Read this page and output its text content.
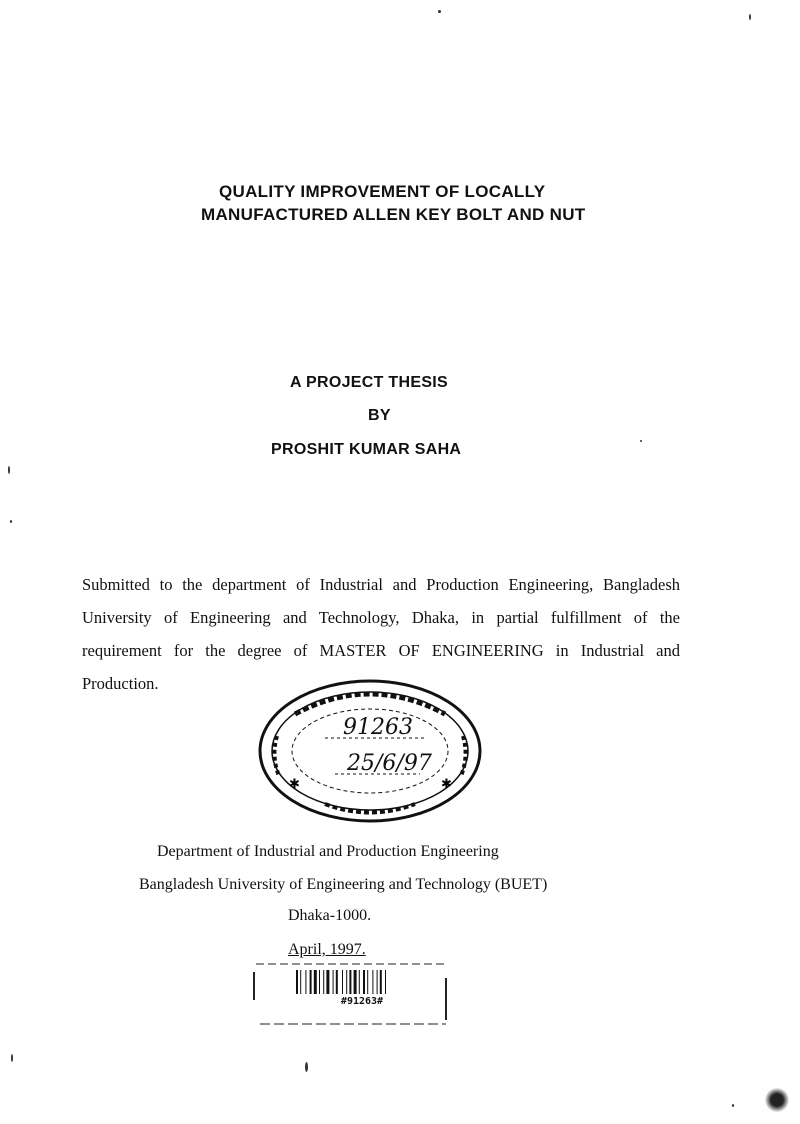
QUALITY IMPROVEMENT OF LOCALLY
MANUFACTURED ALLEN KEY BOLT AND NUT
A PROJECT THESIS
BY
PROSHIT KUMAR SAHA
Submitted to the department of Industrial and Production Engineering, Bangladesh University of Engineering and Technology, Dhaka, in partial fulfillment of the requirement for the degree of MASTER OF ENGINEERING in Industrial and Production.
✱	✱
91263
25/6/97
Department of Industrial and Production Engineering
Bangladesh University of Engineering and Technology (BUET)
Dhaka-1000.
April, 1997.
#91263#
